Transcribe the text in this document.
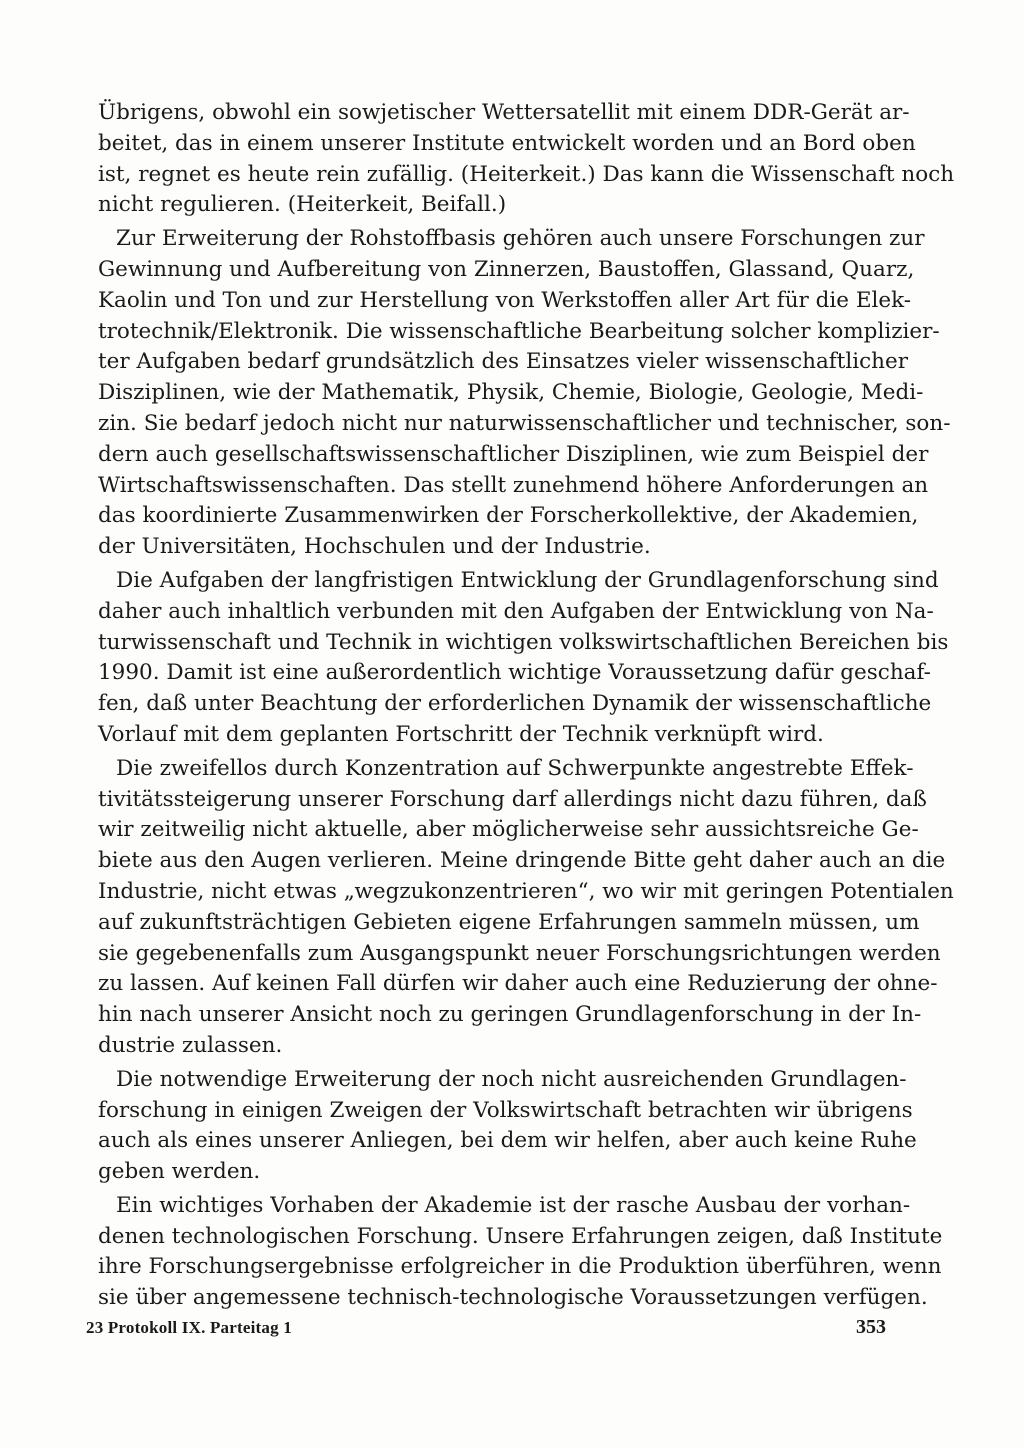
Übrigens, obwohl ein sowjetischer Wettersatellit mit einem DDR-Gerät ar-
beitet, das in einem unserer Institute entwickelt worden und an Bord oben
ist, regnet es heute rein zufällig. (Heiterkeit.) Das kann die Wissenschaft noch
nicht regulieren. (Heiterkeit, Beifall.)

Zur Erweiterung der Rohstoffbasis gehören auch unsere Forschungen zur
Gewinnung und Aufbereitung von Zinnerzen, Baustoffen, Glassand, Quarz,
Kaolin und Ton und zur Herstellung von Werkstoffen aller Art für die Elek-
trotechnik/Elektronik. Die wissenschaftliche Bearbeitung solcher komplizier-
ter Aufgaben bedarf grundsätzlich des Einsatzes vieler wissenschaftlicher
Disziplinen, wie der Mathematik, Physik, Chemie, Biologie, Geologie, Medi-
zin. Sie bedarf jedoch nicht nur naturwissenschaftlicher und technischer, son-
dern auch gesellschaftswissenschaftlicher Disziplinen, wie zum Beispiel der
Wirtschaftswissenschaften. Das stellt zunehmend höhere Anforderungen an
das koordinierte Zusammenwirken der Forscherkollektive, der Akademien,
der Universitäten, Hochschulen und der Industrie.

Die Aufgaben der langfristigen Entwicklung der Grundlagenforschung sind
daher auch inhaltlich verbunden mit den Aufgaben der Entwicklung von Na-
turwissenschaft und Technik in wichtigen volkswirtschaftlichen Bereichen bis
1990. Damit ist eine außerordentlich wichtige Voraussetzung dafür geschaf-
fen, daß unter Beachtung der erforderlichen Dynamik der wissenschaftliche
Vorlauf mit dem geplanten Fortschritt der Technik verknüpft wird.

Die zweifellos durch Konzentration auf Schwerpunkte angestrebte Effek-
tivitätssteigerung unserer Forschung darf allerdings nicht dazu führen, daß
wir zeitweilig nicht aktuelle, aber möglicherweise sehr aussichtsreiche Ge-
biete aus den Augen verlieren. Meine dringende Bitte geht daher auch an die
Industrie, nicht etwas „wegzukonzentrieren“, wo wir mit geringen Potentialen
auf zukunftsträchtigen Gebieten eigene Erfahrungen sammeln müssen, um
sie gegebenenfalls zum Ausgangspunkt neuer Forschungsrichtungen werden
zu lassen. Auf keinen Fall dürfen wir daher auch eine Reduzierung der ohne-
hin nach unserer Ansicht noch zu geringen Grundlagenforschung in der In-
dustrie zulassen.

Die notwendige Erweiterung der noch nicht ausreichenden Grundlagen-
forschung in einigen Zweigen der Volkswirtschaft betrachten wir übrigens
auch als eines unserer Anliegen, bei dem wir helfen, aber auch keine Ruhe
geben werden.

Ein wichtiges Vorhaben der Akademie ist der rasche Ausbau der vorhan-
denen technologischen Forschung. Unsere Erfahrungen zeigen, daß Institute
ihre Forschungsergebnisse erfolgreicher in die Produktion überführen, wenn
sie über angemessene technisch-technologische Voraussetzungen verfügen.

23 Protokoll IX. Parteitag 1	353
